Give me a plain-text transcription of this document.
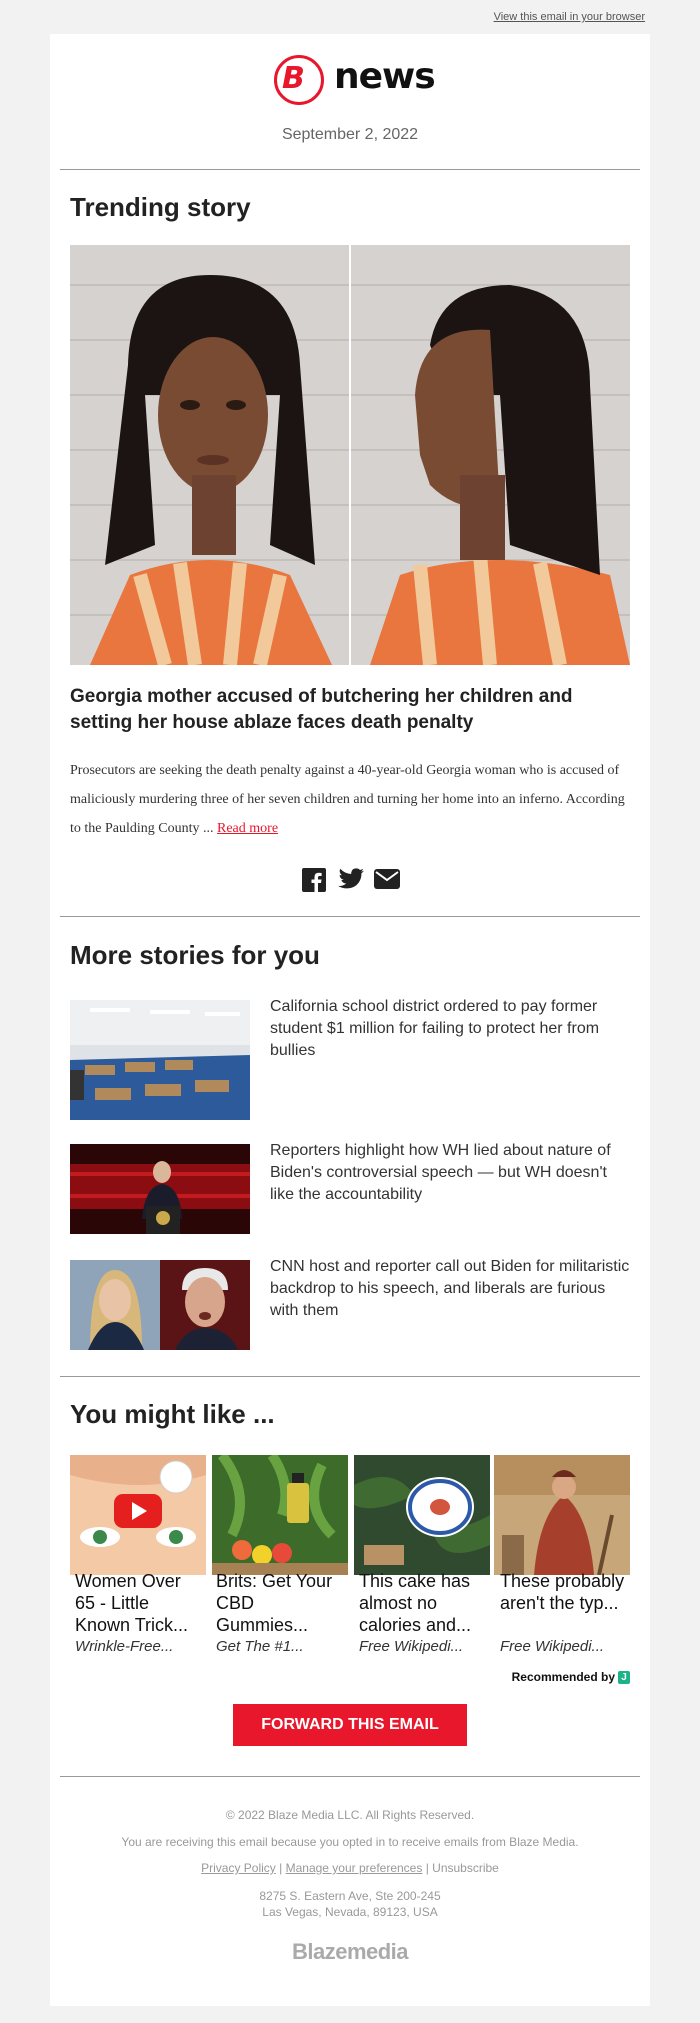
View this email in your browser
B news
September 2, 2022
Trending story
Georgia mother accused of butchering her children and setting her house ablaze faces death penalty
Prosecutors are seeking the death penalty against a 40-year-old Georgia woman who is accused of maliciously murdering three of her seven children and turning her home into an inferno. According to the Paulding County ... Read more
More stories for you
California school district ordered to pay former student $1 million for failing to protect her from bullies
Reporters highlight how WH lied about nature of Biden's controversial speech — but WH doesn't like the accountability
CNN host and reporter call out Biden for militaristic backdrop to his speech, and liberals are furious with them
You might like ...
Women Over 65 - Little Known Trick...
Brits: Get Your CBD Gummies...
This cake has almost no calories and...
These probably aren't the typ...
Wrinkle-Free...	Get The #1...	Free Wikipedi...	Free Wikipedi...
Recommended by J
FORWARD THIS EMAIL
© 2022 Blaze Media LLC. All Rights Reserved.
You are receiving this email because you opted in to receive emails from Blaze Media.
Privacy Policy | Manage your preferences | Unsubscribe
8275 S. Eastern Ave, Ste 200-245
Las Vegas, Nevada, 89123, USA
Blazemedia
